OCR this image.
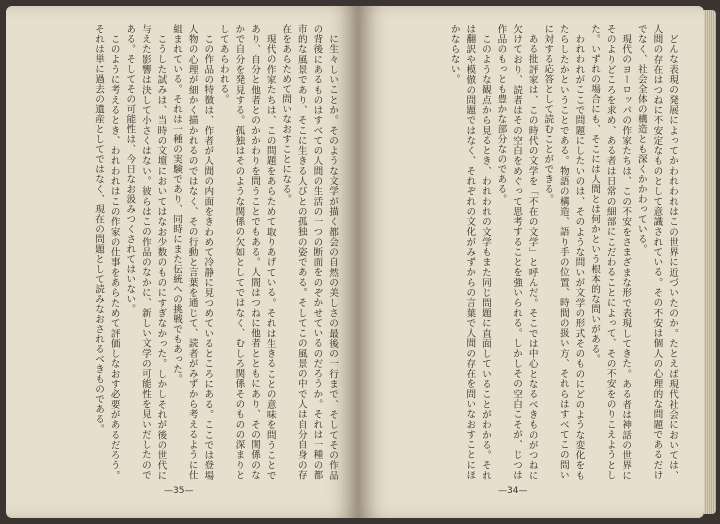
に生々しいことか。そのような文学が描く都会の自然の美しさの最後の一行まで、そしてその作品の背後にあるものはすべての人間の生活の一つの断面をのぞかせているのだろうか。それは一種の都市的な風景であり、そこに生きる人びとの孤独の姿である。そしてこの風景の中で人は自分自身の存在をあらためて問いなおすことになる。

現代の作家たちは、この問題をあらためて取りあげている。それは生きることの意味を問うことであり、自分と他者とのかかわりを問うことでもある。人間はつねに他者とともにあり、その関係のなかで自分を発見する。孤独はそのような関係の欠如としてではなく、むしろ関係そのものの深まりとしてあらわれる。

この作品の特徴は、作者が人間の内面をきわめて冷静に見つめているところにある。ここでは登場人物の心理が細かく描かれるのではなく、その行動と言葉を通じて、読者がみずから考えるように仕組まれている。それは一種の実験であり、同時にまた伝統への挑戦でもあった。

こうした試みは、当時の文壇においてはなお少数のものにすぎなかった。しかしそれが後の世代に与えた影響は決して小さくはない。彼らはこの作品のなかに、新しい文学の可能性を見いだしたのである。そしてその可能性は、今日なお汲みつくされてはいない。

このように考えるとき、われわれはこの作家の仕事をあらためて評価しなおす必要があるだろう。それは単に過去の遺産としてではなく、現在の問題として読みなおされるべきものである。

—35—

どんな表現の発展によってかわれわれはこの世界に近づいたのか。たとえば現代社会においては、人間の存在はつねに不安定なものとして意識されている。その不安は個人の心理的な問題であるだけでなく、社会全体の構造とも深くかかわっている。

現代のヨーロッパの作家たちは、この不安をさまざまな形で表現してきた。ある者は神話の世界にそのよりどころを求め、ある者は日常の細部にこだわることによって、その不安をのりこえようとした。いずれの場合にも、そこには人間とは何かという根本的な問いがある。

われわれがここで問題にしたいのは、そのような問いが文学の形式そのものにどのような変化をもたらしたかということである。物語の構造、語り手の位置、時間の扱い方、それらはすべてこの問いに対する応答として読むことができる。

ある批評家は、この時代の文学を「不在の文学」と呼んだ。そこでは中心となるべきものがつねに欠けており、読者はその空白をめぐって思考することを強いられる。しかしその空白こそが、じつは作品のもっとも豊かな部分なのである。

このような観点から見るとき、われわれの文学もまた同じ問題に直面していることがわかる。それは翻訳や模倣の問題ではなく、それぞれの文化がみずからの言葉で人間の存在を問いなおすことにほかならない。

—34—
